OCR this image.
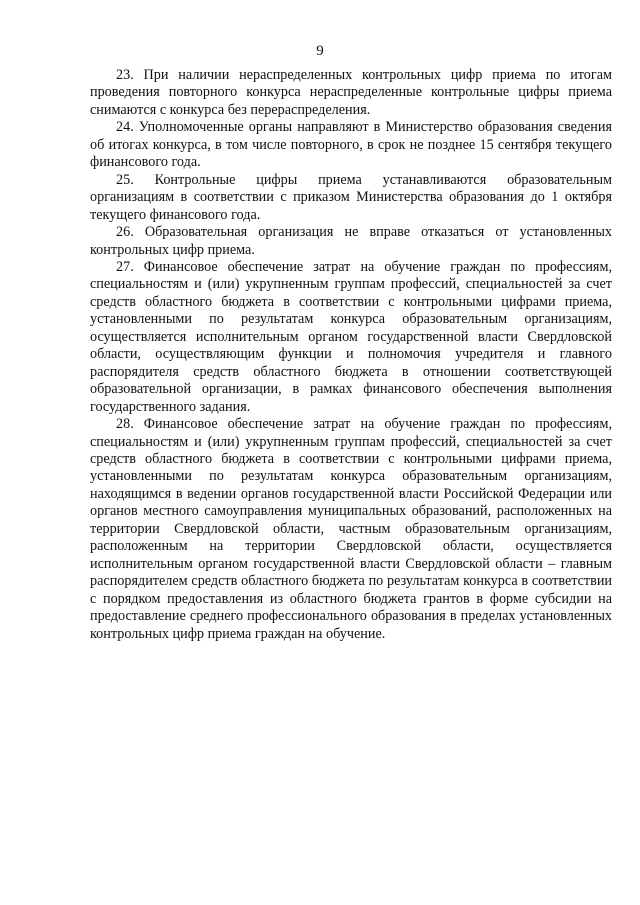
9

23. При наличии нераспределенных контрольных цифр приема по итогам проведения повторного конкурса нераспределенные контрольные цифры приема снимаются с конкурса без перераспределения.

24. Уполномоченные органы направляют в Министерство образования сведения об итогах конкурса, в том числе повторного, в срок не позднее 15 сентября текущего финансового года.

25. Контрольные цифры приема устанавливаются образовательным организациям в соответствии с приказом Министерства образования до 1 октября текущего финансового года.

26. Образовательная организация не вправе отказаться от установленных контрольных цифр приема.

27. Финансовое обеспечение затрат на обучение граждан по профессиям, специальностям и (или) укрупненным группам профессий, специальностей за счет средств областного бюджета в соответствии с контрольными цифрами приема, установленными по результатам конкурса образовательным организациям, осуществляется исполнительным органом государственной власти Свердловской области, осуществляющим функции и полномочия учредителя и главного распорядителя средств областного бюджета в отношении соответствующей образовательной организации, в рамках финансового обеспечения выполнения государственного задания.

28. Финансовое обеспечение затрат на обучение граждан по профессиям, специальностям и (или) укрупненным группам профессий, специальностей за счет средств областного бюджета в соответствии с контрольными цифрами приема, установленными по результатам конкурса образовательным организациям, находящимся в ведении органов государственной власти Российской Федерации или органов местного самоуправления муниципальных образований, расположенных на территории Свердловской области, частным образовательным организациям, расположенным на территории Свердловской области, осуществляется исполнительным органом государственной власти Свердловской области – главным распорядителем средств областного бюджета по результатам конкурса в соответствии с порядком предоставления из областного бюджета грантов в форме субсидии на предоставление среднего профессионального образования в пределах установленных контрольных цифр приема граждан на обучение.
